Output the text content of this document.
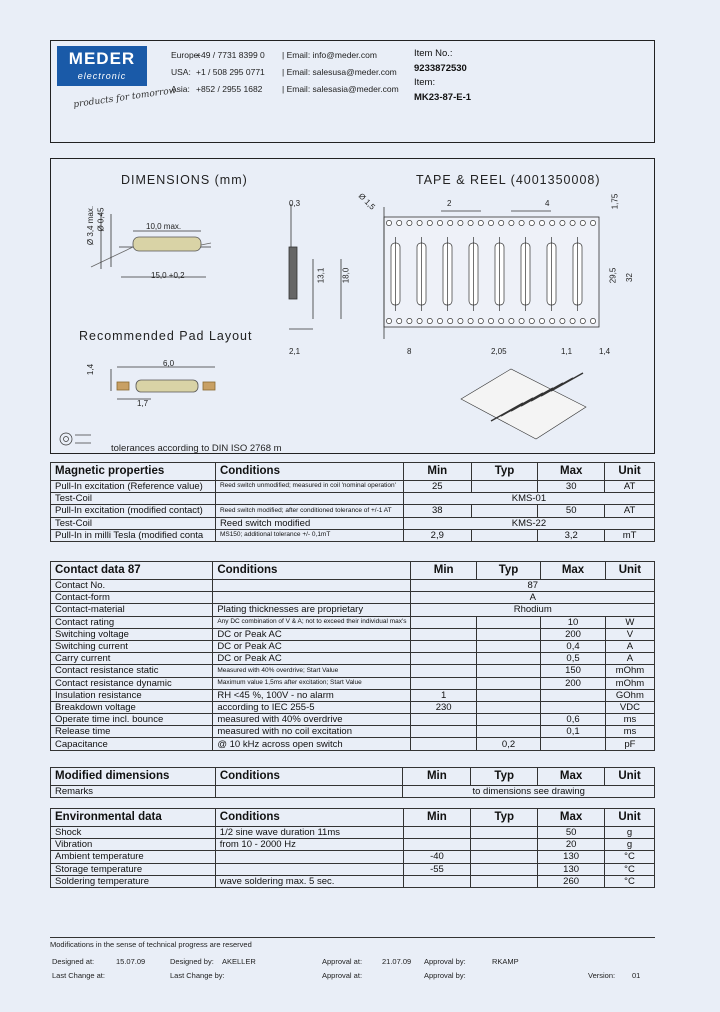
MEDER
electronic
products for tomorrow
Europe:
+49 / 7731 8399 0	| Email: info@meder.com
USA: +1 / 508 295 0771	| Email: salesusa@meder.com
Asia: +852 / 2955 1682	| Email: salesasia@meder.com
Item No.:
9233872530
Item:
MK23-87-E-1
DIMENSIONS (mm)	TAPE & REEL (4001350008)
Recommended Pad Layout
tolerances according to DIN ISO 2768 m
Ø 3,4 max. Ø 0,45	10,0 max.
15,0 +0,2
0,3
13,1 18,0
2,1
Ø 1,5	2	4	1,75
29,5 32
8	2,05	1,1	1,4
6,0
1,4
1,7
Magnetic properties	Conditions	Min	Typ	Max	Unit
Pull-In excitation (Reference value)	Reed switch unmodified; measured in coil 'nominal operation'	25		30	AT
Test-Coil		KMS-01			
Pull-In excitation (modified contact)	Reed switch modified; after conditioned tolerance of +/-1 AT	38		50	AT
Test-Coil	Reed switch modified	KMS-22			
Pull-In in milli Tesla (modified conta	MS150; additional tolerance +/- 0,1mT	2,9		3,2	mT
Contact data 87	Conditions	Min	Typ	Max	Unit
Contact No.		87			
Contact-form		A			
Contact-material	Plating thicknesses are proprietary	Rhodium			
Contact rating	Any DC combination of V & A; not to exceed their individual max's			10	W
Switching voltage	DC or Peak AC			200	V
Switching current	DC or Peak AC			0,4	A
Carry current	DC or Peak AC			0,5	A
Contact resistance static	Measured with 40% overdrive; Start Value			150	mOhm
Contact resistance dynamic	Maximum value 1,5ms after excitation; Start Value			200	mOhm
Insulation resistance	RH <45 %, 100V - no alarm	1			GOhm
Breakdown voltage	according to IEC 255-5	230			VDC
Operate time incl. bounce	measured with 40% overdrive			0,6	ms
Release time	measured with no coil excitation			0,1	ms
Capacitance	@ 10 kHz across open switch		0,2		pF
Modified dimensions	Conditions	Min	Typ	Max	Unit
Remarks		to dimensions see drawing			
Environmental data	Conditions	Min	Typ	Max	Unit
Shock	1/2 sine wave duration 11ms			50	g
Vibration	from 10 - 2000 Hz			20	g
Ambient temperature		-40		130	°C
Storage temperature		-55		130	°C
Soldering temperature	wave soldering max. 5 sec.			260	°C
Modifications in the sense of technical progress are reserved
Designed at:	15.07.09	Designed by: AKELLER	Approval at:	21.07.09 Approval by:	RKAMP
Last Change at:	Last Change by:	Approval at:	Approval by:	Version: 01
